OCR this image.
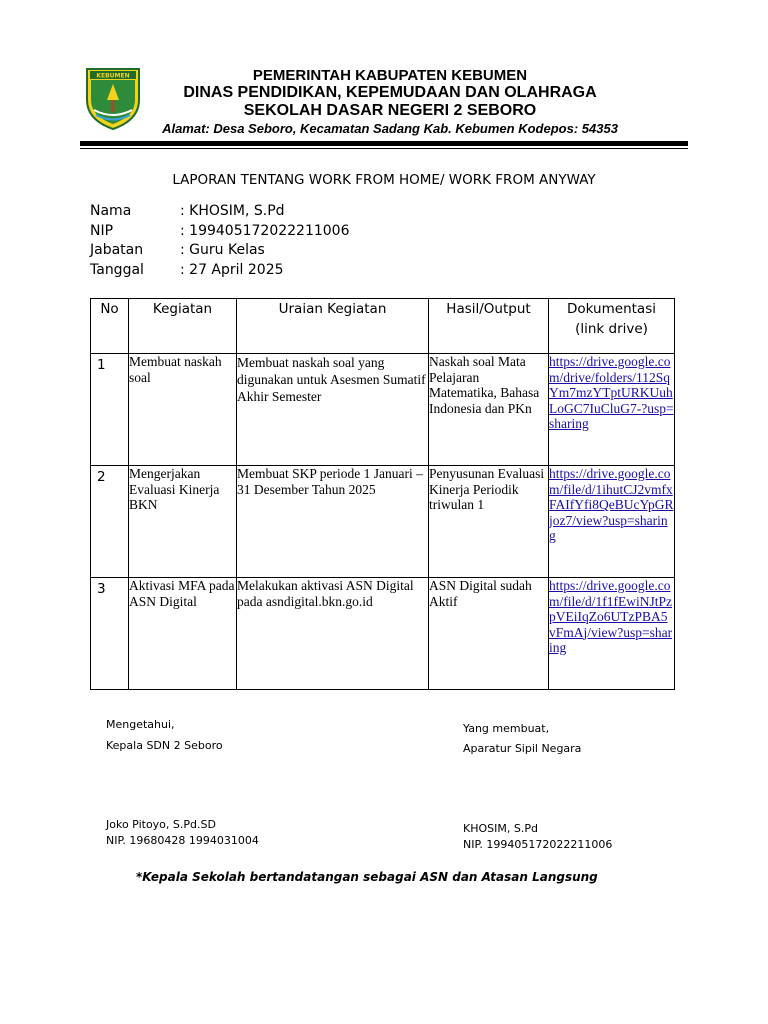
KEBUMEN	PEMERINTAH KABUPATEN KEBUMEN
DINAS PENDIDIKAN, KEPEMUDAAN DAN OLAHRAGA
SEKOLAH DASAR NEGERI 2 SEBORO
Alamat: Desa Seboro, Kecamatan Sadang Kab. Kebumen Kodepos: 54353
LAPORAN TENTANG WORK FROM HOME/ WORK FROM ANYWAY
Nama	: KHOSIM, S.Pd
NIP	: 199405172022211006
Jabatan	: Guru Kelas
Tanggal	: 27 April 2025
No	Kegiatan	Uraian Kegiatan	Hasil/Output	Dokumentasi (link drive)
1	Membuat naskah soal	Membuat naskah soal yang digunakan untuk Asesmen Sumatif Akhir Semester	Naskah soal Mata Pelajaran Matematika, Bahasa Indonesia dan PKn	https://drive.google.com/drive/folders/112SqYm7mzYTptURKUuhLoGC7IuCluG7-?usp=sharing
2	Mengerjakan Evaluasi Kinerja BKN	Membuat SKP periode 1 Januari – 31 Desember Tahun 2025	Penyusunan Evaluasi Kinerja Periodik triwulan 1	https://drive.google.com/file/d/1ihutCJ2vmfxFAIfYfi8QeBUcYpGRjoz7/view?usp=sharing
3	Aktivasi MFA pada ASN Digital	Melakukan aktivasi ASN Digital pada asndigital.bkn.go.id	ASN Digital sudah Aktif	https://drive.google.com/file/d/1f1fEwiNJtPzpVEiIqZo6UTzPBA5vFmAj/view?usp=sharing
Mengetahui,
Kepala SDN 2 Seboro
Joko Pitoyo, S.Pd.SD
NIP. 19680428 1994031004
Yang membuat,
Aparatur Sipil Negara
KHOSIM, S.Pd
NIP. 199405172022211006
*Kepala Sekolah bertandatangan sebagai ASN dan Atasan Langsung
